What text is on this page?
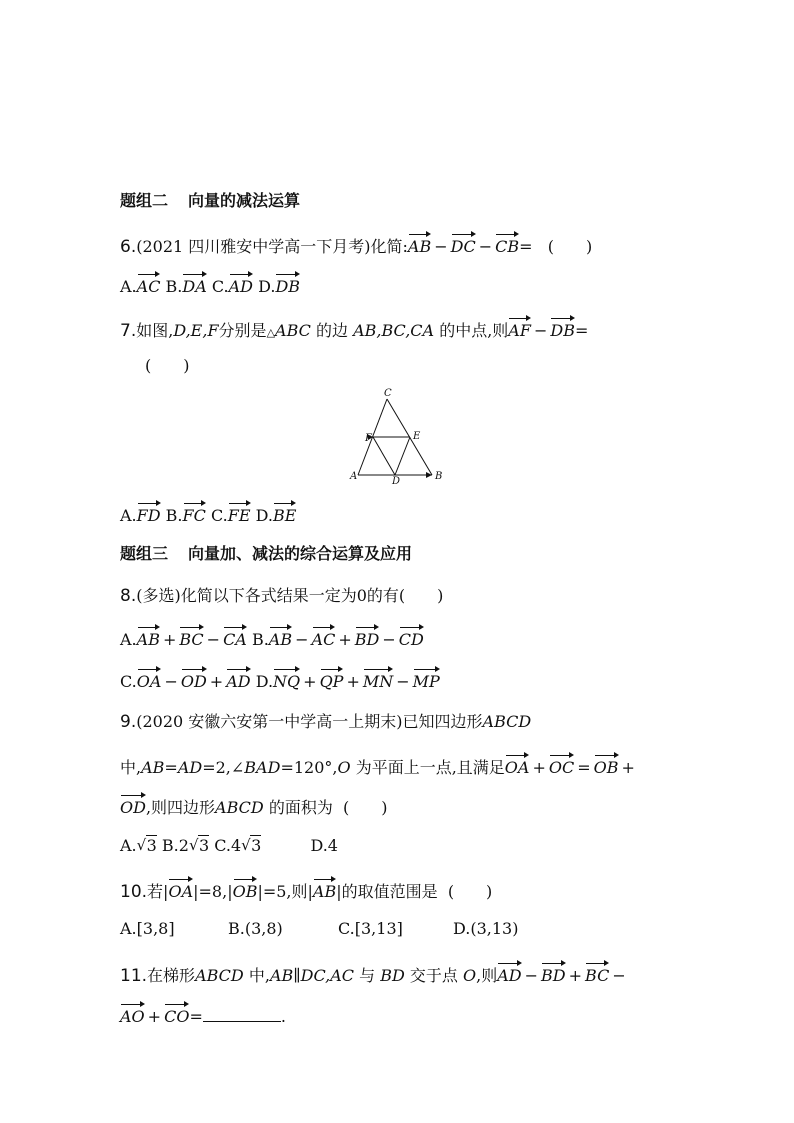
题组二 向量的减法运算
6.(2021 四川雅安中学高一下月考)化简:AB − DC − CB= (　　)
A.AC B.DA C.AD D.DB
7.如图,D,E,F分别是△ABC 的边 AB,BC,CA 的中点,则AF − DB=
(　　)
C
F	E
A	D	B
A.FD B.FC C.FE D.BE
题组三 向量加、减法的综合运算及应用
8.(多选)化简以下各式结果一定为0的有(　　)
A.AB + BC − CA B.AB − AC + BD − CD
C.OA − OD + AD D.NQ + QP + MN − MP
9.(2020 安徽六安第一中学高一上期末)已知四边形ABCD
中,AB=AD=2,∠BAD=120°,O 为平面上一点,且满足OA + OC = OB +
OD,则四边形ABCD 的面积为 (　　)
A. √ 3 B.2 √ 3 C.4 √ 3	D.4
10.若|OA|=8,|OB|=5,则|AB|的取值范围是 (　　)
A.[3,8]	B.(3,8)	C.[3,13]	D.(3,13)
11.在梯形ABCD 中,AB∥DC,AC 与 BD 交于点 O,则AD − BD + BC −
AO + CO=	.
